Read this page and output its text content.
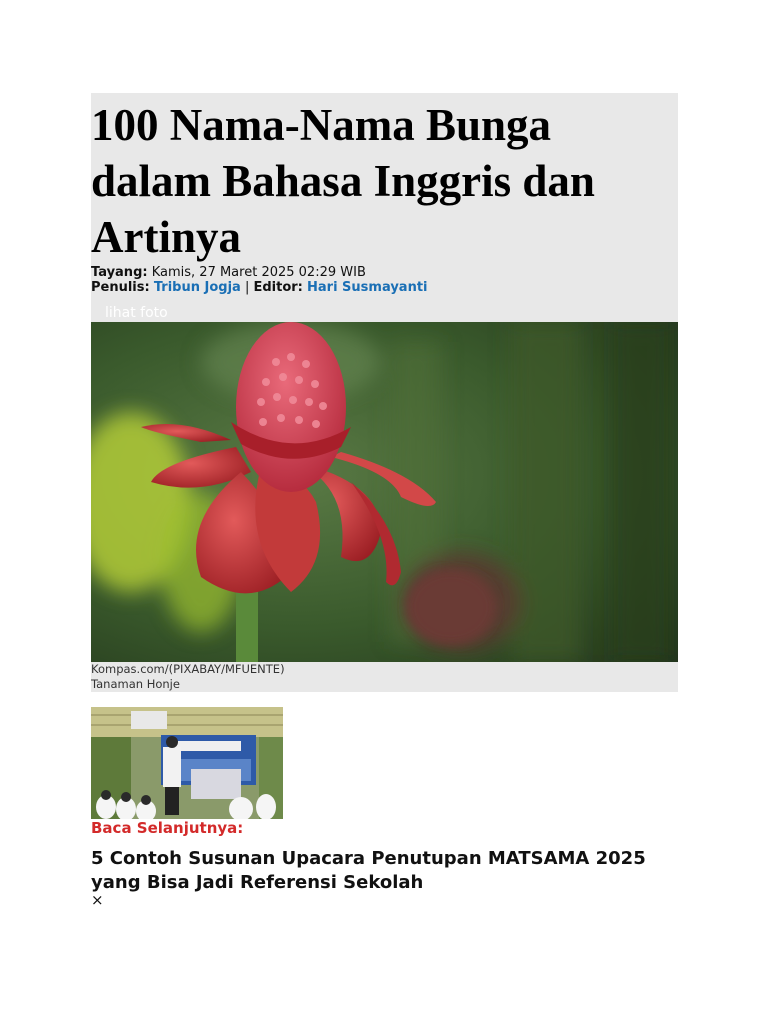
100 Nama-Nama Bunga dalam Bahasa Inggris dan Artinya
Tayang: Kamis, 27 Maret 2025 02:29 WIB
Penulis: Tribun Jogja | Editor: Hari Susmayanti
lihat foto
Kompas.com/(PIXABAY/MFUENTE)
Tanaman Honje
Baca Selanjutnya:
5 Contoh Susunan Upacara Penutupan MATSAMA 2025 yang Bisa Jadi Referensi Sekolah
×
